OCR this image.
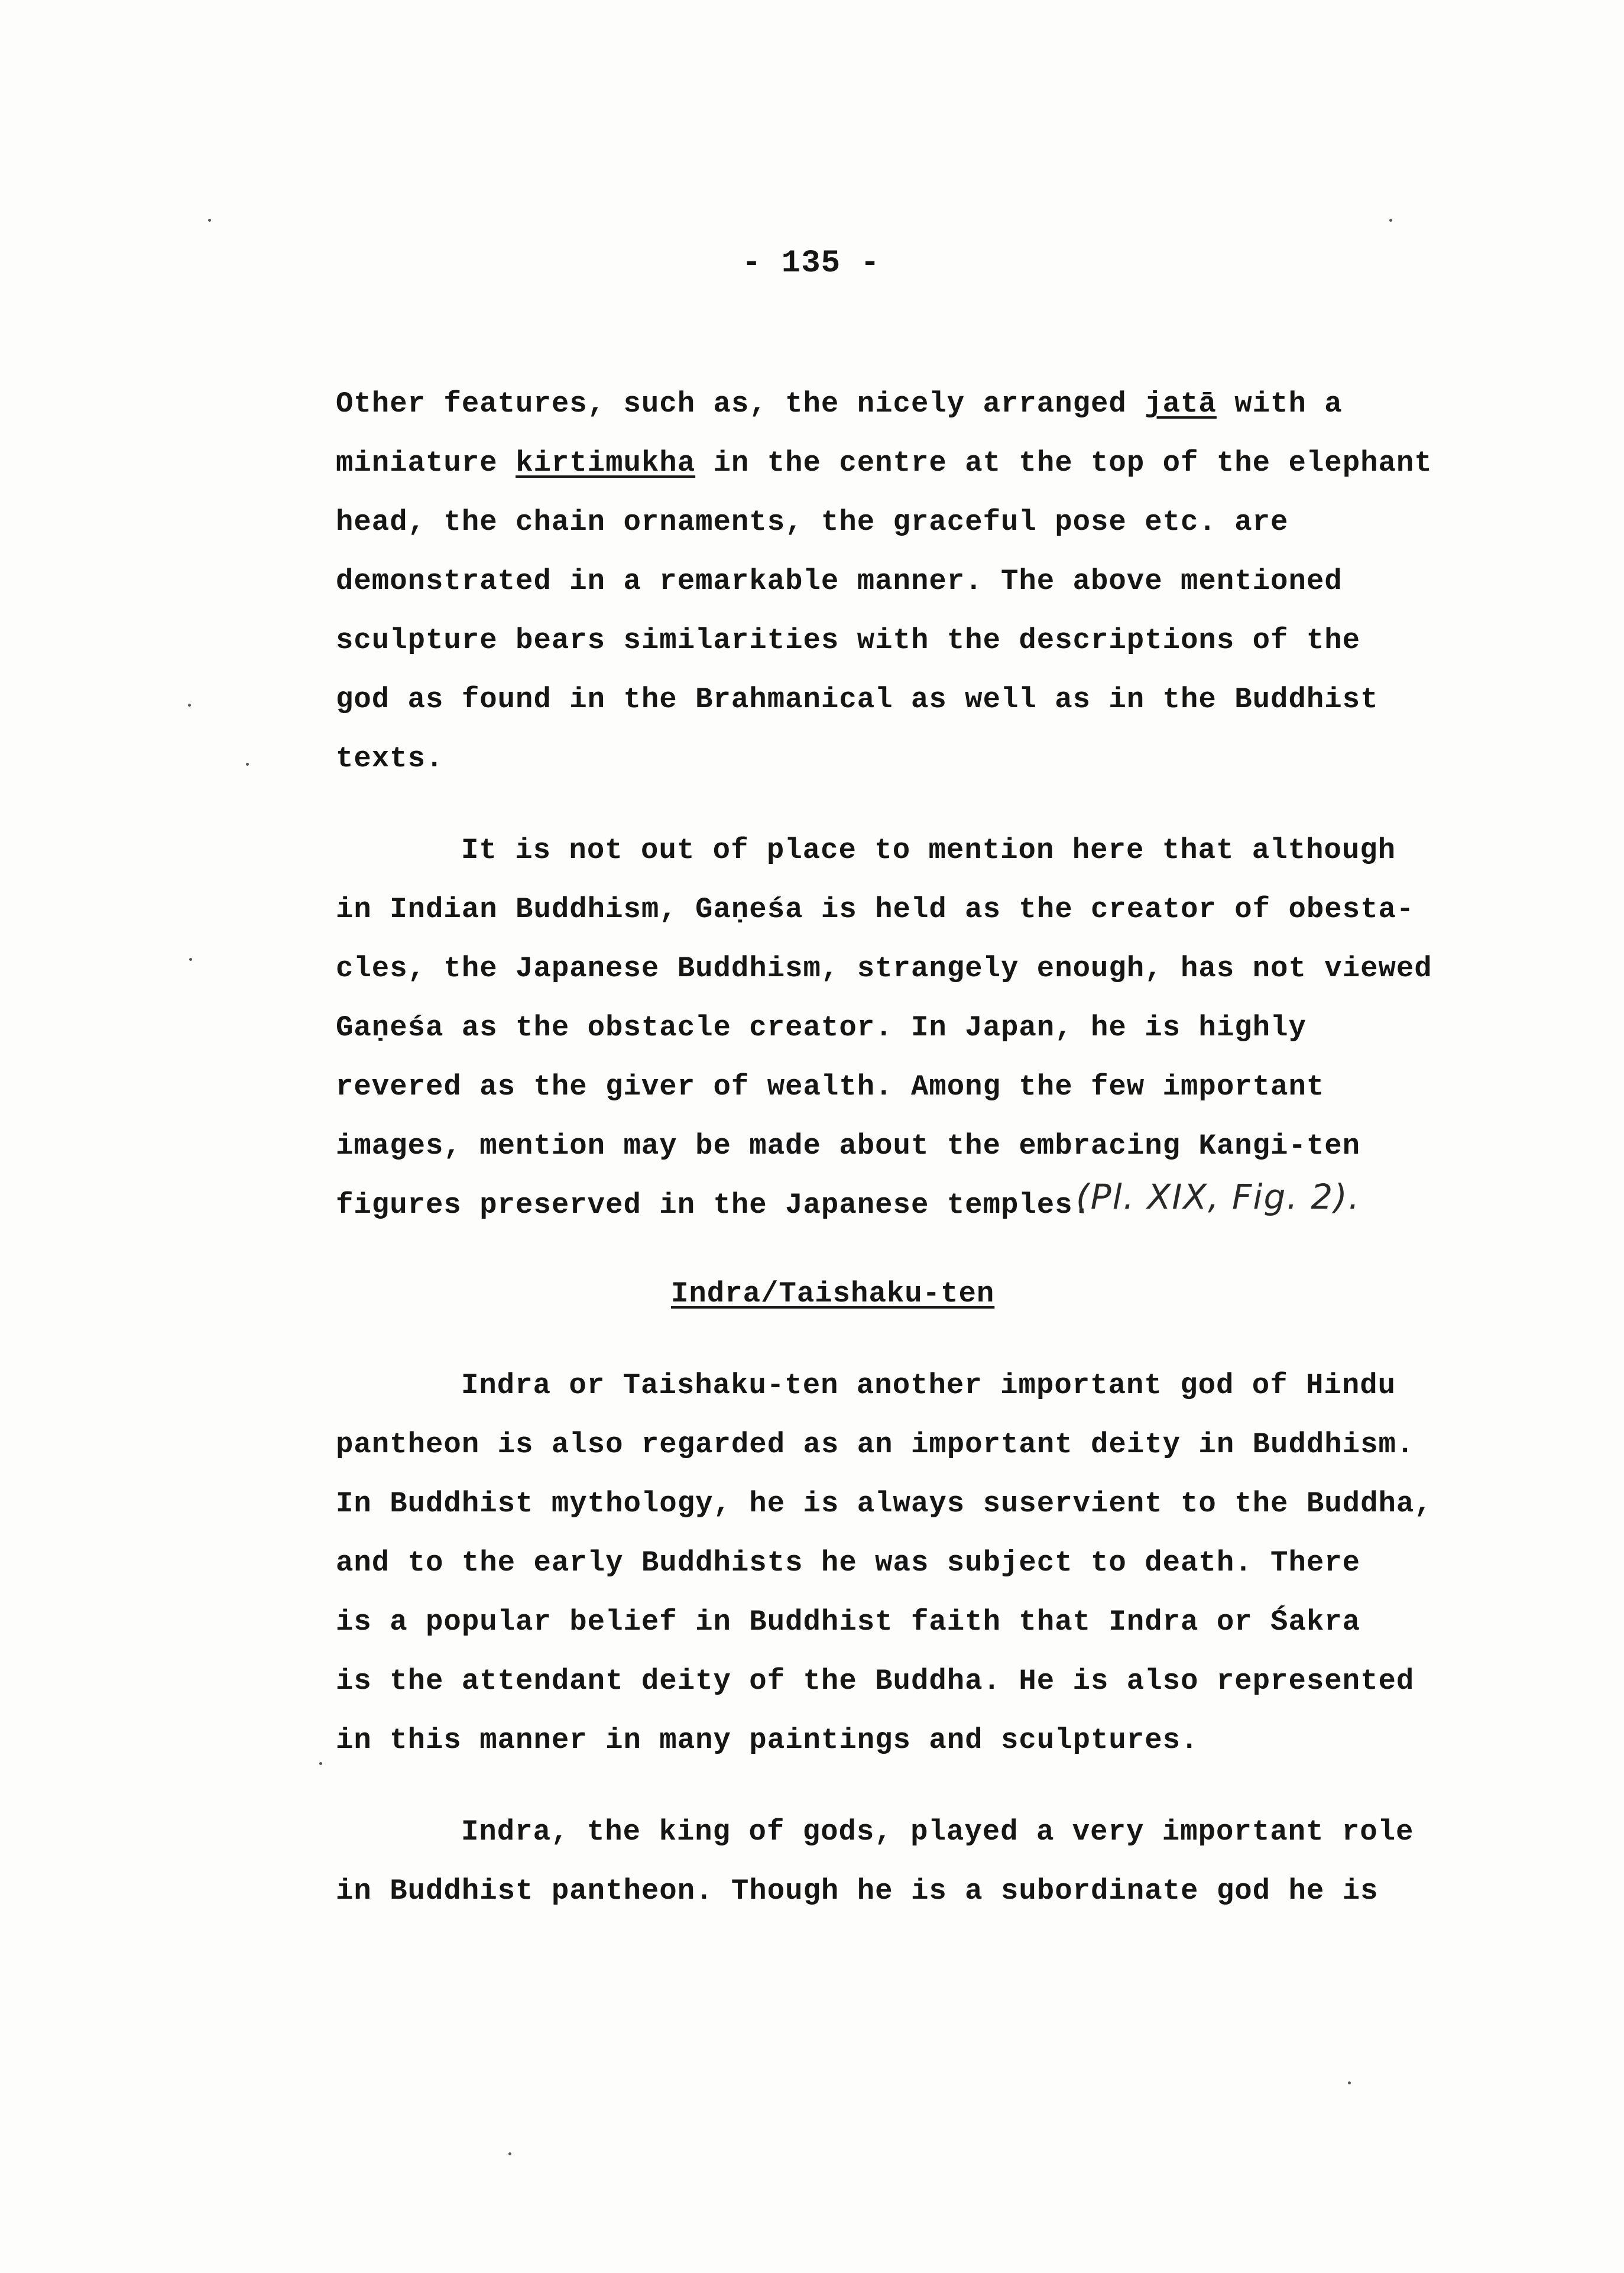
- 135 -
Other features, such as, the nicely arranged jatā with a
miniature kirtimukha in the centre at the top of the elephant
head, the chain ornaments, the graceful pose etc. are
demonstrated in a remarkable manner. The above mentioned
sculpture bears similarities with the descriptions of the
god as found in the Brahmanical as well as in the Buddhist
texts.
It is not out of place to mention here that although
in Indian Buddhism, Gaṇeśa is held as the creator of obesta-
cles, the Japanese Buddhism, strangely enough, has not viewed
Gaṇeśa as the obstacle creator. In Japan, he is highly
revered as the giver of wealth. Among the few important
images, mention may be made about the embracing Kangi-ten
figures preserved in the Japanese temples.
(Pl. XIX, Fig. 2).
Indra/Taishaku-ten
Indra or Taishaku-ten another important god of Hindu
pantheon is also regarded as an important deity in Buddhism.
In Buddhist mythology, he is always suservient to the Buddha,
and to the early Buddhists he was subject to death. There
is a popular belief in Buddhist faith that Indra or Śakra
is the attendant deity of the Buddha. He is also represented
in this manner in many paintings and sculptures.
Indra, the king of gods, played a very important role
in Buddhist pantheon. Though he is a subordinate god he is
